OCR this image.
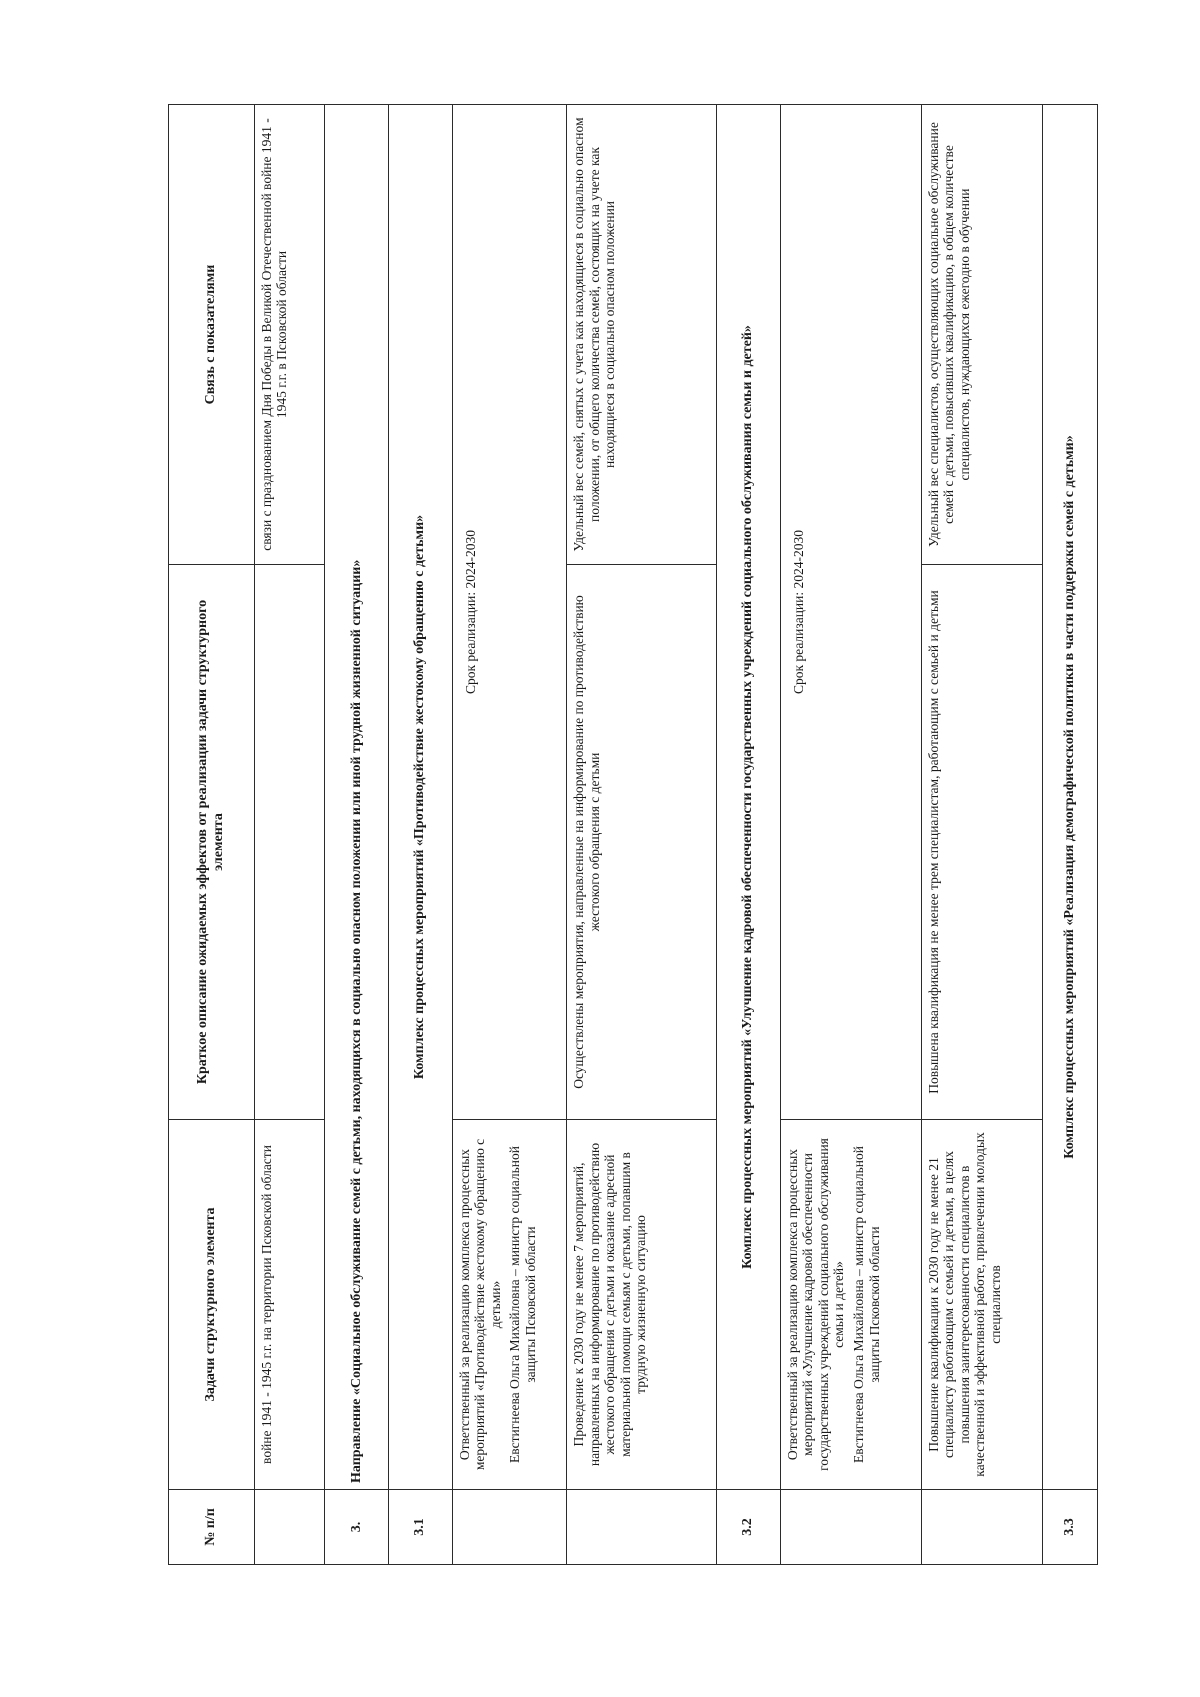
№ п/п	Задачи структурного элемента	Краткое описание ожидаемых эффектов от реализации задачи структурного элемента	Связь с показателями
	войне 1941 - 1945 г.г. на территории Псковской области		связи с празднованием Дня Победы в Великой Отечественной войне 1941 - 1945 г.г. в Псковской области
3.	Направление «Социальное обслуживание семей с детьми, находящихся в социально опасном положении или иной трудной жизненной ситуации»		
3.1	Комплекс процессных мероприятий «Противодействие жестокому обращению с детьми»		
	Ответственный за реализацию комплекса процессных мероприятий «Противодействие жестокому обращению с детьми» Евстигнеева Ольга Михайловна – министр социальной защиты Псковской области	Срок реализации: 2024-2030	
	Проведение к 2030 году не менее 7 мероприятий, направленных на информирование по противодействию жестокого обращения с детьми и оказание адресной материальной помощи семьям с детьми, попавшим в трудную жизненную ситуацию	Осуществлены мероприятия, направленные на информирование по противодействию жестокого обращения с детьми	Удельный вес семей, снятых с учета как находящиеся в социально опасном положении, от общего количества семей, состоящих на учете как находящиеся в социально опасном положении
3.2	Комплекс процессных мероприятий «Улучшение кадровой обеспеченности государственных учреждений социального обслуживания семьи и детей»		
	Ответственный за реализацию комплекса процессных мероприятий «Улучшение кадровой обеспеченности государственных учреждений социального обслуживания семьи и детей» Евстигнеева Ольга Михайловна – министр социальной защиты Псковской области	Срок реализации: 2024-2030	
	Повышение квалификации к 2030 году не менее 21 специалисту работающим с семьей и детьми, в целях повышения заинтересованности специалистов в качественной и эффективной работе, привлечении молодых специалистов	Повышена квалификация не менее трем специалистам, работающим с семьей и детьми	Удельный вес специалистов, осуществляющих социальное обслуживание семей с детьми, повысивших квалификацию, в общем количестве специалистов, нуждающихся ежегодно в обучении
3.3	Комплекс процессных мероприятий «Реализация демографической политики в части поддержки семей с детьми»		
